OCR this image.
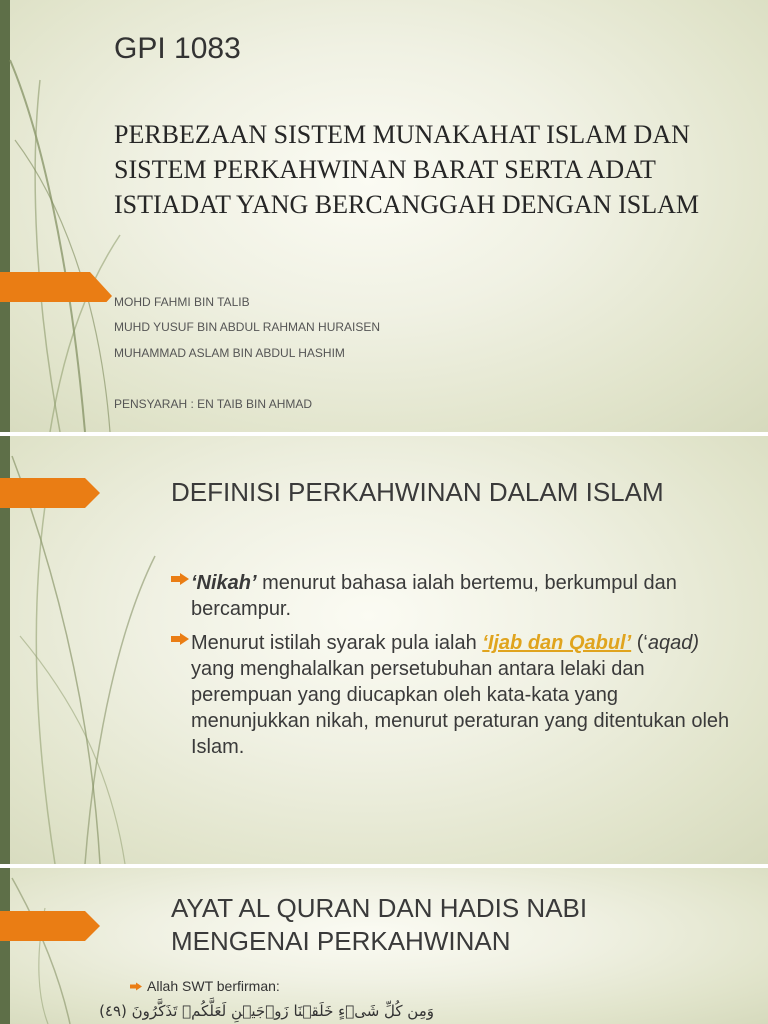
GPI 1083
PERBEZAAN SISTEM MUNAKAHAT ISLAM DAN SISTEM PERKAHWINAN BARAT SERTA ADAT ISTIADAT YANG BERCANGGAH DENGAN ISLAM
MOHD FAHMI BIN TALIB
MUHD YUSUF BIN ABDUL RAHMAN HURAISEN
MUHAMMAD ASLAM BIN ABDUL HASHIM
PENSYARAH : EN TAIB BIN AHMAD
DEFINISI PERKAHWINAN DALAM ISLAM
‘Nikah’ menurut bahasa ialah bertemu, berkumpul dan bercampur.
Menurut istilah syarak pula ialah ‘Ijab dan Qabul’ (‘aqad) yang menghalalkan persetubuhan antara lelaki dan perempuan yang diucapkan oleh kata-kata yang menunjukkan nikah, menurut peraturan yang ditentukan oleh Islam.
AYAT AL QURAN DAN HADIS NABI
MENGENAI PERKAHWINAN
Allah SWT berfirman:
وَمِن كُلِّ شَىۡءٍ خَلَقۡنَا زَوۡجَيۡنِ لَعَلَّكُمۡ تَذَكَّرُونَ (٤٩)
